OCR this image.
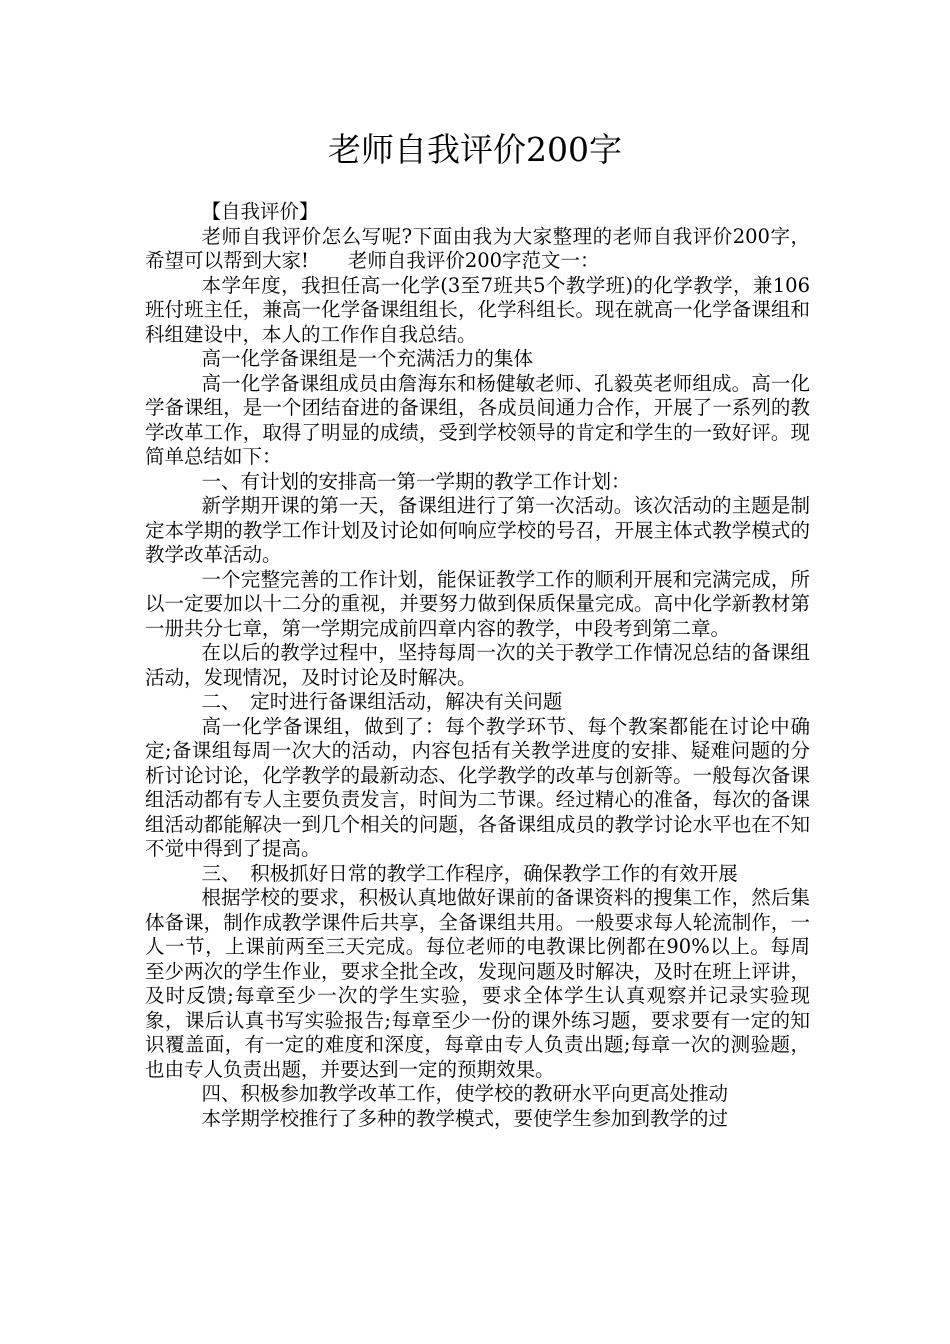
老师自我评价200字

【自我评价】

老师自我评价怎么写呢?下面由我为大家整理的老师自我评价200字，希望可以帮到大家!　　老师自我评价200字范文一：

本学年度，我担任高一化学(3至7班共5个教学班)的化学教学，兼106班付班主任，兼高一化学备课组组长，化学科组长。现在就高一化学备课组和科组建设中，本人的工作作自我总结。

高一化学备课组是一个充满活力的集体

高一化学备课组成员由詹海东和杨健敏老师、孔毅英老师组成。高一化学备课组，是一个团结奋进的备课组，各成员间通力合作，开展了一系列的教学改革工作，取得了明显的成绩，受到学校领导的肯定和学生的一致好评。现简单总结如下：

一、有计划的安排高一第一学期的教学工作计划：

新学期开课的第一天，备课组进行了第一次活动。该次活动的主题是制定本学期的教学工作计划及讨论如何响应学校的号召，开展主体式教学模式的教学改革活动。

一个完整完善的工作计划，能保证教学工作的顺利开展和完满完成，所以一定要加以十二分的重视，并要努力做到保质保量完成。高中化学新教材第一册共分七章，第一学期完成前四章内容的教学，中段考到第二章。

在以后的教学过程中，坚持每周一次的关于教学工作情况总结的备课组活动，发现情况，及时讨论及时解决。

二、　定时进行备课组活动，解决有关问题

高一化学备课组，做到了：每个教学环节、每个教案都能在讨论中确定;备课组每周一次大的活动，内容包括有关教学进度的安排、疑难问题的分析讨论讨论，化学教学的最新动态、化学教学的改革与创新等。一般每次备课组活动都有专人主要负责发言，时间为二节课。经过精心的准备，每次的备课组活动都能解决一到几个相关的问题，各备课组成员的教学讨论水平也在不知不觉中得到了提高。

三、　积极抓好日常的教学工作程序，确保教学工作的有效开展

根据学校的要求，积极认真地做好课前的备课资料的搜集工作，然后集体备课，制作成教学课件后共享，全备课组共用。一般要求每人轮流制作，一人一节，上课前两至三天完成。每位老师的电教课比例都在90%以上。每周至少两次的学生作业，要求全批全改，发现问题及时解决，及时在班上评讲，及时反馈;每章至少一次的学生实验，要求全体学生认真观察并记录实验现象，课后认真书写实验报告;每章至少一份的课外练习题，要求要有一定的知识覆盖面，有一定的难度和深度，每章由专人负责出题;每章一次的测验题，也由专人负责出题，并要达到一定的预期效果。

四、积极参加教学改革工作，使学校的教研水平向更高处推动

本学期学校推行了多种的教学模式，要使学生参加到教学的过
